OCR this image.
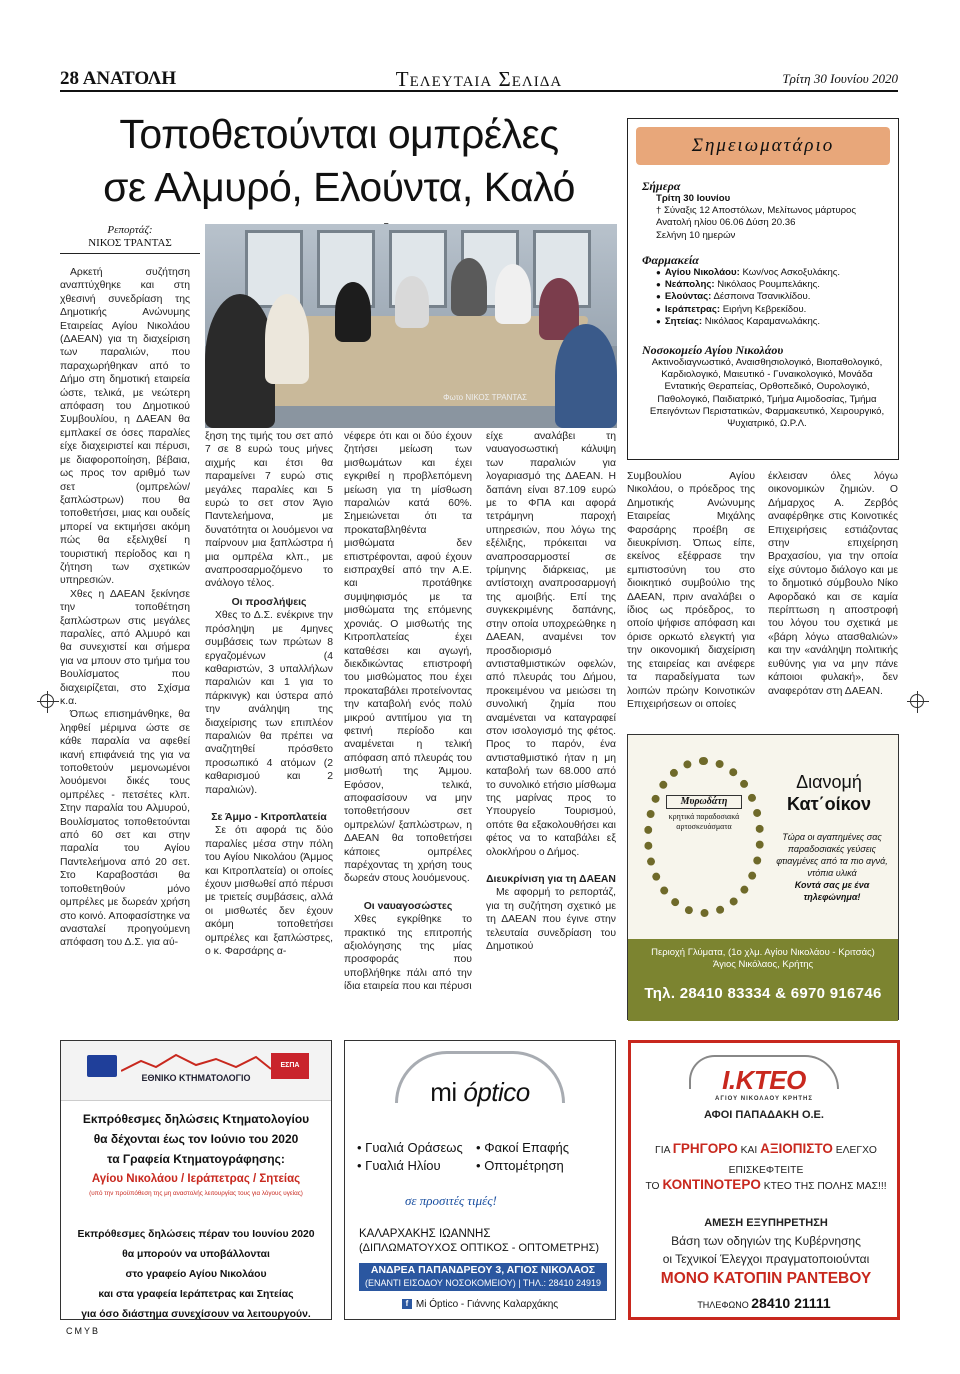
28 ΑΝΑΤΟΛΗ	Τελευταια Σελιδα	Τρίτη 30 Ιουνίου 2020
Τοποθετούνται ομπρέλες
σε Αλμυρό, Ελούντα, Καλό
Ρεπορτάζ:
ΝΙΚΟΣ ΤΡΑΝΤΑΣ
Φωτο ΝΙΚΟΣ ΤΡΑΝΤΑΣ

Αρκετή συζήτηση αναπτύχθηκε και στη χθεσινή συνεδρίαση της Δημοτικής Ανώνυμης Εταιρείας Αγίου Νικολάου (ΔΑΕΑΝ) για τη διαχείριση των παραλιών, που παραχωρήθηκαν από το Δήμο στη δημοτική εταιρεία ώστε, τελικά, με νεώτερη απόφαση του Δημοτικού Συμβουλίου, η ΔΑΕΑΝ θα εμπλακεί σε όσες παραλίες είχε διαχειριστεί και πέρυσι, με διαφοροποίηση, βέβαια, ως προς τον αριθμό των σετ (ομπρελών/ ξαπλώστρων) που θα τοποθετήσει, μιας και ουδείς μπορεί να εκτιμήσει ακόμη πώς θα εξελιχθεί η τουριστική περίοδος και η ζήτηση των σχετικών υπηρεσιών.

Χθες η ΔΑΕΑΝ ξεκίνησε την τοποθέτηση ξαπλώστρων στις μεγάλες παραλίες, από Αλμυρό και θα συνεχιστεί και σήμερα για να μπουν στο τμήμα του Βουλίσματος που διαχειρίζεται, στο Σχίσμα κ.α.

Όπως επισημάνθηκε, θα ληφθεί μέριμνα ώστε σε κάθε παραλία να αφεθεί ικανή επιφάνειά της για να τοποθετούν μεμονωμένοι λουόμενοι δικές τους ομπρέλες - πετσέτες κλπ. Στην παραλία του Αλμυρού, Βουλίσματος τοποθετούνται από 60 σετ και στην παραλία του Αγίου Παντελεήμονα από 20 σετ. Στο Καραβοστάσι θα τοποθετηθούν μόνο ομπρέλες με δωρεάν χρήση στο κοινό. Αποφασίστηκε να ανασταλεί προηγούμενη απόφαση του Δ.Σ. για αύ-

ξηση της τιμής του σετ από 7 σε 8 ευρώ τους μήνες αιχμής και έτσι θα παραμείνει 7 ευρώ στις μεγάλες παραλίες και 5 ευρώ το σετ στον Άγιο Παντελεήμονα, με δυνατότητα οι λουόμενοι να παίρνουν μια ξαπλώστρα ή μια ομπρέλα κλπ., με αναπροσαρμοζόμενο το ανάλογο τέλος.

Οι προσλήψεις

Χθες το Δ.Σ. ενέκρινε την πρόσληψη με 4μηνες συμβάσεις των πρώτων 8 εργαζομένων (4 καθαριστών, 3 υπαλλήλων παραλιών και 1 για το πάρκινγκ) και ύστερα από την ανάληψη της διαχείρισης των επιπλέον παραλιών θα πρέπει να αναζητηθεί πρόσθετο προσωπικό 4 ατόμων (2 καθαρισμού και 2 παραλιών).

Σε Άμμο - Κιτροπλατεία

Σε ότι αφορά τις δύο παραλίες μέσα στην πόλη του Αγίου Νικολάου (Άμμος και Κιτροπλατεία) οι οποίες έχουν μισθωθεί από πέρυσι με τριετείς συμβάσεις, αλλά οι μισθωτές δεν έχουν ακόμη τοποθετήσει ομπρέλες και ξαπλώστρες, ο κ. Φαρσάρης α-

νέφερε ότι και οι δύο έχουν ζητήσει μείωση των μισθωμάτων και έχει εγκριθεί η προβλεπόμενη μείωση για τη μίσθωση παραλιών κατά 60%. Σημειώνεται ότι τα προκαταβληθέντα μισθώματα δεν επιστρέφονται, αφού έχουν εισπραχθεί από την Α.Ε. και προτάθηκε συμψηφισμός με τα μισθώματα της επόμενης χρονιάς. Ο μισθωτής της Κιτροπλατείας έχει καταθέσει και αγωγή, διεκδικώντας επιστροφή του μισθώματος που έχει προκαταβάλει προτείνοντας την καταβολή ενός πολύ μικρού αντιτίμου για τη φετινή περίοδο και αναμένεται η τελική απόφαση από πλευράς του μισθωτή της Άμμου. Εφόσον, τελικά, αποφασίσουν να μην τοποθετήσουν σετ ομπρελών/ ξαπλώστρων, η ΔΑΕΑΝ θα τοποθετήσει κάποιες ομπρέλες παρέχοντας τη χρήση τους δωρεάν στους λουόμενους.

Οι ναυαγοσώστες

Χθες εγκρίθηκε το πρακτικό της επιτροπής αξιολόγησης της μίας προσφοράς που υποβλήθηκε πάλι από την ίδια εταιρεία που και πέρυσι

είχε αναλάβει τη ναυαγοσωστική κάλυψη των παραλιών για λογαριασμό της ΔΑΕΑΝ. Η δαπάνη είναι 87.109 ευρώ με το ΦΠΑ και αφορά τετράμηνη παροχή υπηρεσιών, που λόγω της εξέλιξης, πρόκειται να αναπροσαρμοστεί σε τρίμηνης διάρκειας, με αντίστοιχη αναπροσαρμογή της αμοιβής. Επί της συγκεκριμένης δαπάνης, στην οποία υποχρεώθηκε η ΔΑΕΑΝ, αναμένει τον προσδιορισμό αντισταθμιστικών οφελών, από πλευράς του Δήμου, προκειμένου να μειώσει τη συνολική ζημία που αναμένεται να καταγραφεί στον ισολογισμό της φέτος. Προς το παρόν, ένα αντισταθμιστικό ήταν η μη καταβολή των 68.000 από το συνολικό ετήσιο μίσθωμα της μαρίνας προς το Υπουργείο Τουρισμού, οπότε θα εξακολουθήσει και φέτος να το καταβάλει εξ ολοκλήρου ο Δήμος.

Διευκρίνιση για τη ΔΑΕΑΝ

Με αφορμή το ρεπορτάζ, για τη συζήτηση σχετικό με τη ΔΑΕΑΝ που έγινε στην τελευταία συνεδρίαση του Δημοτικού

Συμβουλίου Αγίου Νικολάου, ο πρόεδρος της Δημοτικής Ανώνυμης Εταιρείας Μιχάλης Φαρσάρης προέβη σε διευκρίνιση. Όπως είπε, εκείνος εξέφρασε την εμπιστοσύνη του στο διοικητικό συμβούλιο της ΔΑΕΑΝ, πριν αναλάβει ο ίδιος ως πρόεδρος, το οποίο ψήφισε απόφαση και όρισε ορκωτό ελεγκτή για την οικονομική διαχείριση της εταιρείας και ανέφερε τα παραδείγματα των λοιπών πρώην Κοινοτικών Επιχειρήσεων οι οποίες

έκλεισαν όλες λόγω οικονομικών ζημιών. Ο Δήμαρχος Α. Ζερβός αναφέρθηκε στις Κοινοτικές Επιχειρήσεις εστιάζοντας στην επιχείρηση Βραχασίου, για την οποία είχε σύντομο διάλογο και με το δημοτικό σύμβουλο Νίκο Αφορδακό και σε καμία περίπτωση η αποστροφή του λόγου του σχετικά με «βάρη λόγω ατασθαλιών» και την «ανάληψη πολιτικής ευθύνης για να μην πάνε κάποιοι φυλακή», δεν αναφερόταν στη ΔΑΕΑΝ.

Σημειωματάριο
Σήμερα
Τρίτη 30 Ιουνίου
† Σύναξις 12 Αποστόλων, Μελίτωνος μάρτυρος
Ανατολή ηλίου 06.06 Δύση 20.36
Σελήνη 10 ημερών
Φαρμακεία
● Αγίου Νικολάου: Κων/νος Ασκοξυλάκης.
● Νεάπολης: Νικόλαος Ρουμπελάκης.
● Ελούντας: Δέσποινα Τσανικλίδου.
● Ιεράπετρας: Ειρήνη Κεβρεκίδου.
● Σητείας: Νικόλαος Καραμανωλάκης.
Νοσοκομείο Αγίου Νικολάου
Ακτινοδιαγνωστικό, Αναισθησιολογικό, Βιοπαθολογικό, Καρδιολογικό, Μαιευτικό - Γυναικολογικό, Μονάδα Εντατικής Θεραπείας, Ορθοπεδικό, Ουρολογικό, Παθολογικό, Παιδιατρικό, Τμήμα Αιμοδοσίας, Τμήμα Επειγόντων Περιστατικών, Φαρμακευτικό, Χειρουργικό, Ψυχιατρικό, Ω.Ρ.Λ.
Μυρωδάτη
κρητικά παραδοσιακά αρτοσκευάσματα
Διανομή
Κατ΄οίκον
Τώρα οι αγαπημένες σας παραδοσιακές γεύσεις φτιαγμένες από τα πιο αγνά, ντόπια υλικά
Κοντά σας με ένα τηλεφώνημα!
Περιοχή Γλύματα, (1ο χλμ. Αγίου Νικολάου - Κριτσάς)
Άγιος Νικόλαος, Κρήτης
Τηλ. 28410 83334 & 6970 916746
ΕΘΝΙΚΟ ΚΤΗΜΑΤΟΛΟΓΙΟ
ΕΣΠΑ
Εκπρόθεσμες δηλώσεις Κτηματολογίου
θα δέχονται έως τον Ιούνιο του 2020
τα Γραφεία Κτηματογράφησης:
Αγίου Νικολάου / Ιεράπετρας / Σητείας
(υπό την προϋπόθεση της μη αναστολής λειτουργίας τους για λόγους υγείας)
Εκπρόθεσμες δηλώσεις πέραν του Ιουνίου 2020
θα μπορούν να υποβάλλονται
στο γραφείο Αγίου Νικολάου
και στα γραφεία Ιεράπετρας και Σητείας
για όσο διάστημα συνεχίσουν να λειτουργούν.
mi óptico
• Γυαλιά Οράσεως • Φακοί Επαφής • Γυαλιά Ηλίου	• Οπτομέτρηση
σε προσιτές τιμές!
ΚΑΛΑΡΧΑΚΗΣ ΙΩΑΝΝΗΣ
(ΔΙΠΛΩΜΑΤΟΥΧΟΣ ΟΠΤΙΚΟΣ - ΟΠΤΟΜΕΤΡΗΣ)
ΑΝΔΡΕΑ ΠΑΠΑΝΔΡΕΟΥ 3, ΑΓΙΟΣ ΝΙΚΟΛΑΟΣ
(ΕΝΑΝΤΙ ΕΙΣΟΔΟΥ ΝΟΣΟΚΟΜΕΙΟΥ) | ΤΗΛ.: 28410 24919
f Mi Óptico - Γιάννης Καλαρχάκης
Ι.ΚΤΕΟ
ΑΓΙΟΥ ΝΙΚΟΛΑΟΥ ΚΡΗΤΗΣ
ΑΦΟΙ ΠΑΠΑΔΑΚΗ Ο.Ε.
ΓΙΑ ΓΡΗΓΟΡΟ ΚΑΙ ΑΞΙΟΠΙΣΤΟ ΕΛΕΓΧΟ ΕΠΙΣΚΕΦΤΕΙΤΕ
ΤΟ ΚΟΝΤΙΝΟΤΕΡΟ ΚΤΕΟ ΤΗΣ ΠΟΛΗΣ ΜΑΣ!!!
ΑΜΕΣΗ ΕΞΥΠΗΡΕΤΗΣΗ
Βάση των οδηγιών της Κυβέρνησης
οι Τεχνικοί Έλεγχοι πραγματοποιούνται
ΜΟΝΟ ΚΑΤΟΠΙΝ ΡΑΝΤΕΒΟΥ
ΤΗΛΕΦΩΝΟ 28410 21111
CMYB
